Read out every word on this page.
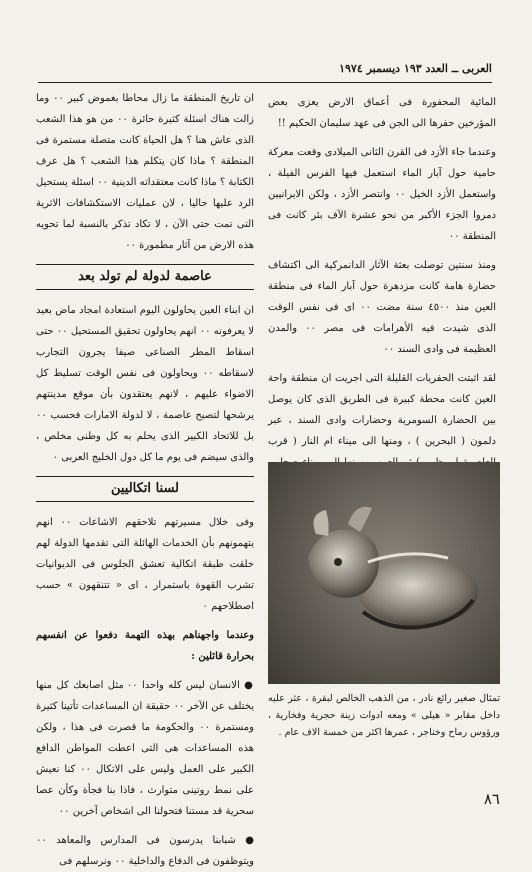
العربى ــ العدد ١٩٣ ديسمبر ١٩٧٤

المائية المحفورة فى أعماق الارض يعزى بعض المؤرخين حفرها الى الجن فى عهد سليمان الحكيم !!

وعندما جاء الأزد فى القرن الثانى الميلادى وقعت معركة حامية حول آبار الماء استعمل فيها الفرس الفيلة ، واستعمل الأزد الخيل ٠٠ وانتصر الأزد ، ولكن الايرانيين دمروا الجزء الأكبر من نحو عشرة الآف بئر كانت فى المنطقة ٠٠

ومنذ سنتين توصلت بعثة الآثار الدانمركية الى اكتشاف حضارة هامة كانت مزدهرة حول آبار الماء فى منطقة العين منذ ٤٥٠٠ سنة مضت ٠٠ اى فى نفس الوقت الذى شيدت فيه الأهرامات فى مصر ٠٠ والمدن العظيمة فى وادى السند ٠٠

لقد اثبتت الحفريات القليلة التى اجريت ان منطقة واحة العين كانت محطة كبيرة فى الطريق الذى كان يوصل بين الحضارة السومرية وحضارات وادى السند ، عبر دلمون ( البحرين ) ، ومنها الى ميناء ام النار ( قرب

تمثال صغير رائع نادر ، من الذهب الخالص لبقرة ، عثر عليه داخل مقابر « هيلى » ومعه ادوات زينة حجرية وفخارية ، ورؤوس رماح وخناجر ، عمرها اكثر من خمسة الاف عام .

ان تاريخ المنطقة ما زال محاطا بغموض كبير ٠٠ وما زالت هناك اسئلة كثيرة حائرة ٠٠ من هو هذا الشعب الذى عاش هنا ؟ هل الحياة كانت متصلة مستمرة فى المنطقة ؟ ماذا كان يتكلم هذا الشعب ؟ هل عرف الكتابة ؟ ماذا كانت معتقداته الدينية ٠٠ اسئلة يستحيل الرد عليها حاليا ، لان عمليات الاستكشافات الاثرية التى تمت حتى الآن ، لا تكاد تذكر بالنسبة لما تحويه هذه الارض من آثار مطمورة ٠٠

عاصمة لدولة لم تولد بعد

ان ابناء العين يحاولون اليوم استعادة امجاد ماض بعيد لا يعرفونه ٠٠ انهم يحاولون تحقيق المستحيل ٠٠ حتى اسقاط المطر الصناعى صيفا يجرون التجارب لاسقاطه ٠٠ ويحاولون فى نفس الوقت تسليط كل الاضواء عليهم ، لانهم يعتقدون بأن موقع مدينتهم يرشحها لتصبح عاصمة ، لا لدولة الامارات فحسب ٠٠ بل للاتحاد الكبير الذى يحلم به كل وطنى مخلص ، والذى سيضم فى يوم ما كل دول الخليج العربى ٠

لسنا اتكاليين

وفى خلال مسيرتهم تلاحقهم الاشاعات ٠٠ انهم يتهمونهم بأن الخدمات الهائلة التى تقدمها الدولة لهم خلقت طبقة اتكالية تعشق الجلوس فى الديوانيات تشرب القهوة باستمرار ، اى « تتنقهون » حسب اصطلاحهم ٠

وعندما واجهناهم بهذه التهمة دفعوا عن انفسهم بحرارة قائلين :

● الانسان ليس كله واحدا ٠٠ مثل اصابعك كل منها يختلف عن الآخر ٠٠ حقيقة ان المساعدات تأتينا كثيرة ومستمرة ٠٠ والحكومة ما قصرت فى هذا ، ولكن هذه المساعدات هى التى اعطت المواطن الدافع الكبير على العمل وليس على الاتكال ٠٠ كنا نعيش على نمط روتينى متوارث ، فاذا بنا فجأة وكأن عصا سحرية قد مستنا فتحولنا الى اشخاص آخرين ٠٠

● شبابنا يدرسون فى المدارس والمعاهد ٠٠ ويتوظفون فى الدفاع والداخلية ٠٠ ونرسلهم فى

٨٦
